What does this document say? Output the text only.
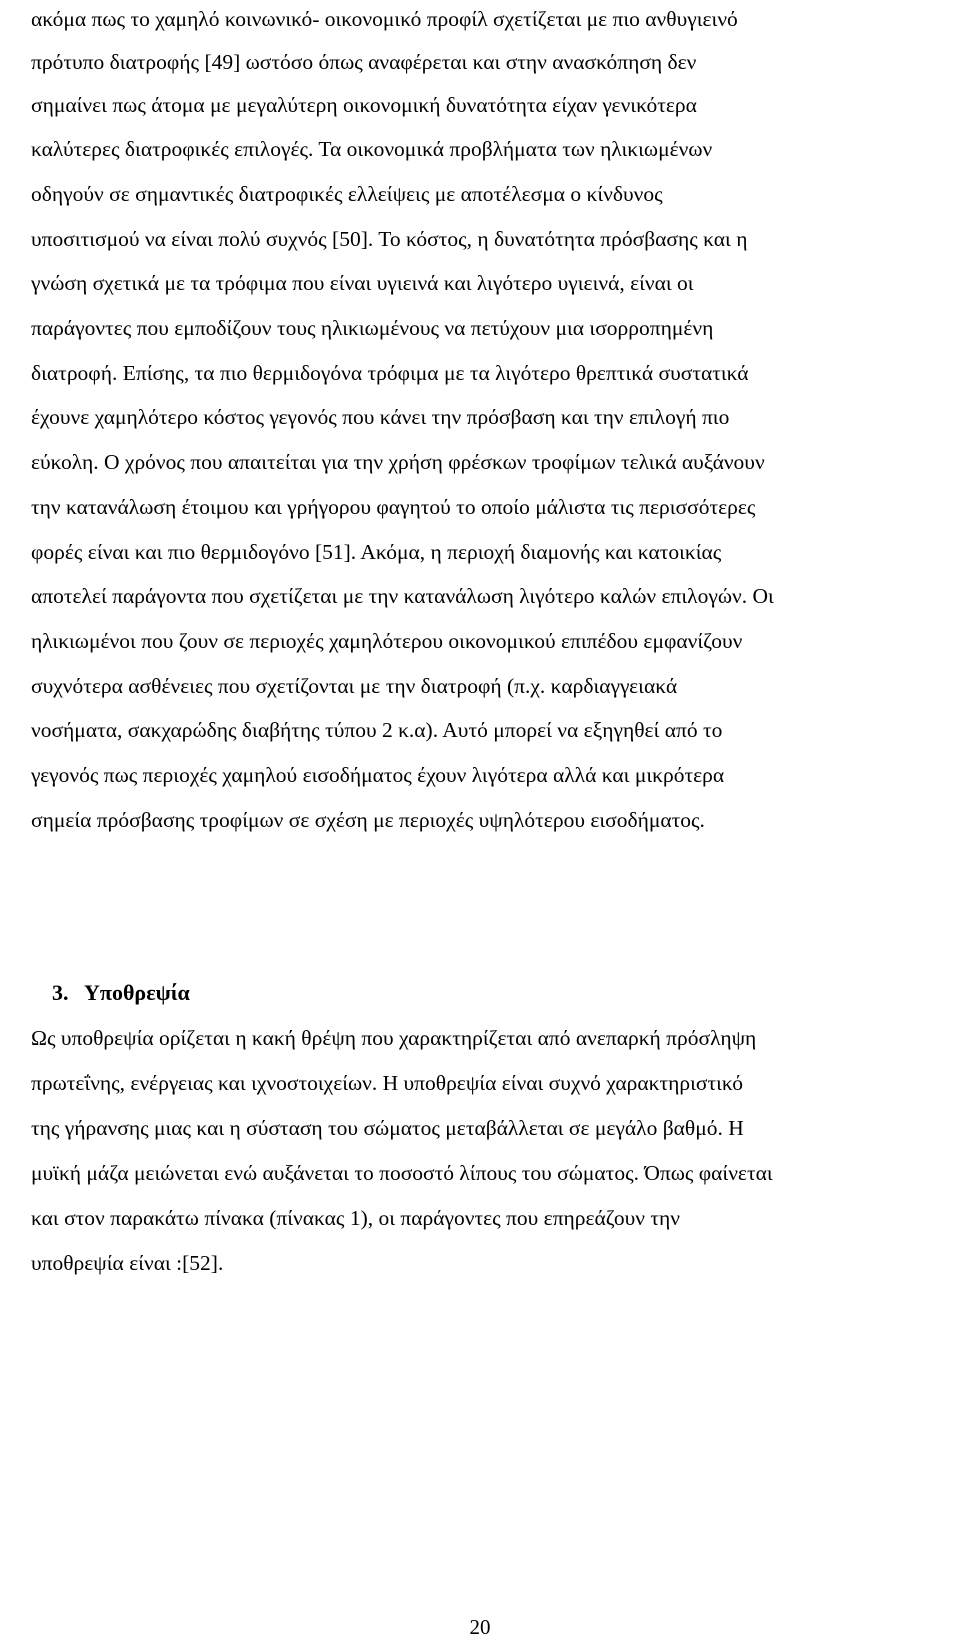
ακόμα πως το χαμηλό κοινωνικό- οικονομικό προφίλ σχετίζεται με πιο ανθυγιεινό
πρότυπο διατροφής [49] ωστόσο όπως αναφέρεται και στην ανασκόπηση δεν
σημαίνει πως άτομα με μεγαλύτερη οικονομική δυνατότητα είχαν γενικότερα
καλύτερες διατροφικές επιλογές. Τα οικονομικά προβλήματα των ηλικιωμένων
οδηγούν σε σημαντικές διατροφικές ελλείψεις με αποτέλεσμα ο κίνδυνος
υποσιτισμού να είναι πολύ συχνός [50]. Το κόστος, η δυνατότητα πρόσβασης και η
γνώση σχετικά με τα τρόφιμα που είναι υγιεινά και λιγότερο υγιεινά, είναι οι
παράγοντες που εμποδίζουν τους ηλικιωμένους να πετύχουν μια ισορροπημένη
διατροφή. Επίσης, τα πιο θερμιδογόνα τρόφιμα με τα λιγότερο θρεπτικά συστατικά
έχουνε χαμηλότερο κόστος γεγονός που κάνει την πρόσβαση και την επιλογή πιο
εύκολη. Ο χρόνος που απαιτείται για την χρήση φρέσκων τροφίμων τελικά αυξάνουν
την κατανάλωση έτοιμου και γρήγορου φαγητού το οποίο μάλιστα τις περισσότερες
φορές είναι και πιο θερμιδογόνο [51]. Ακόμα, η περιοχή διαμονής και κατοικίας
αποτελεί παράγοντα που σχετίζεται με την κατανάλωση λιγότερο καλών επιλογών. Οι
ηλικιωμένοι που ζουν σε περιοχές χαμηλότερου οικονομικού επιπέδου εμφανίζουν
συχνότερα ασθένειες που σχετίζονται με την διατροφή (π.χ. καρδιαγγειακά
νοσήματα, σακχαρώδης διαβήτης τύπου 2 κ.α). Αυτό μπορεί να εξηγηθεί από το
γεγονός πως περιοχές χαμηλού εισοδήματος έχουν λιγότερα αλλά και μικρότερα
σημεία πρόσβασης τροφίμων σε σχέση με περιοχές υψηλότερου εισοδήματος.
3. Υποθρεψία
Ως υποθρεψία ορίζεται η κακή θρέψη που χαρακτηρίζεται από ανεπαρκή πρόσληψη
πρωτεΐνης, ενέργειας και ιχνοστοιχείων. Η υποθρεψία είναι συχνό χαρακτηριστικό
της γήρανσης μιας και η σύσταση του σώματος μεταβάλλεται σε μεγάλο βαθμό. Η
μυϊκή μάζα μειώνεται ενώ αυξάνεται το ποσοστό λίπους του σώματος. Όπως φαίνεται
και στον παρακάτω πίνακα (πίνακας 1), οι παράγοντες που επηρεάζουν την
υποθρεψία είναι :[52].
20
